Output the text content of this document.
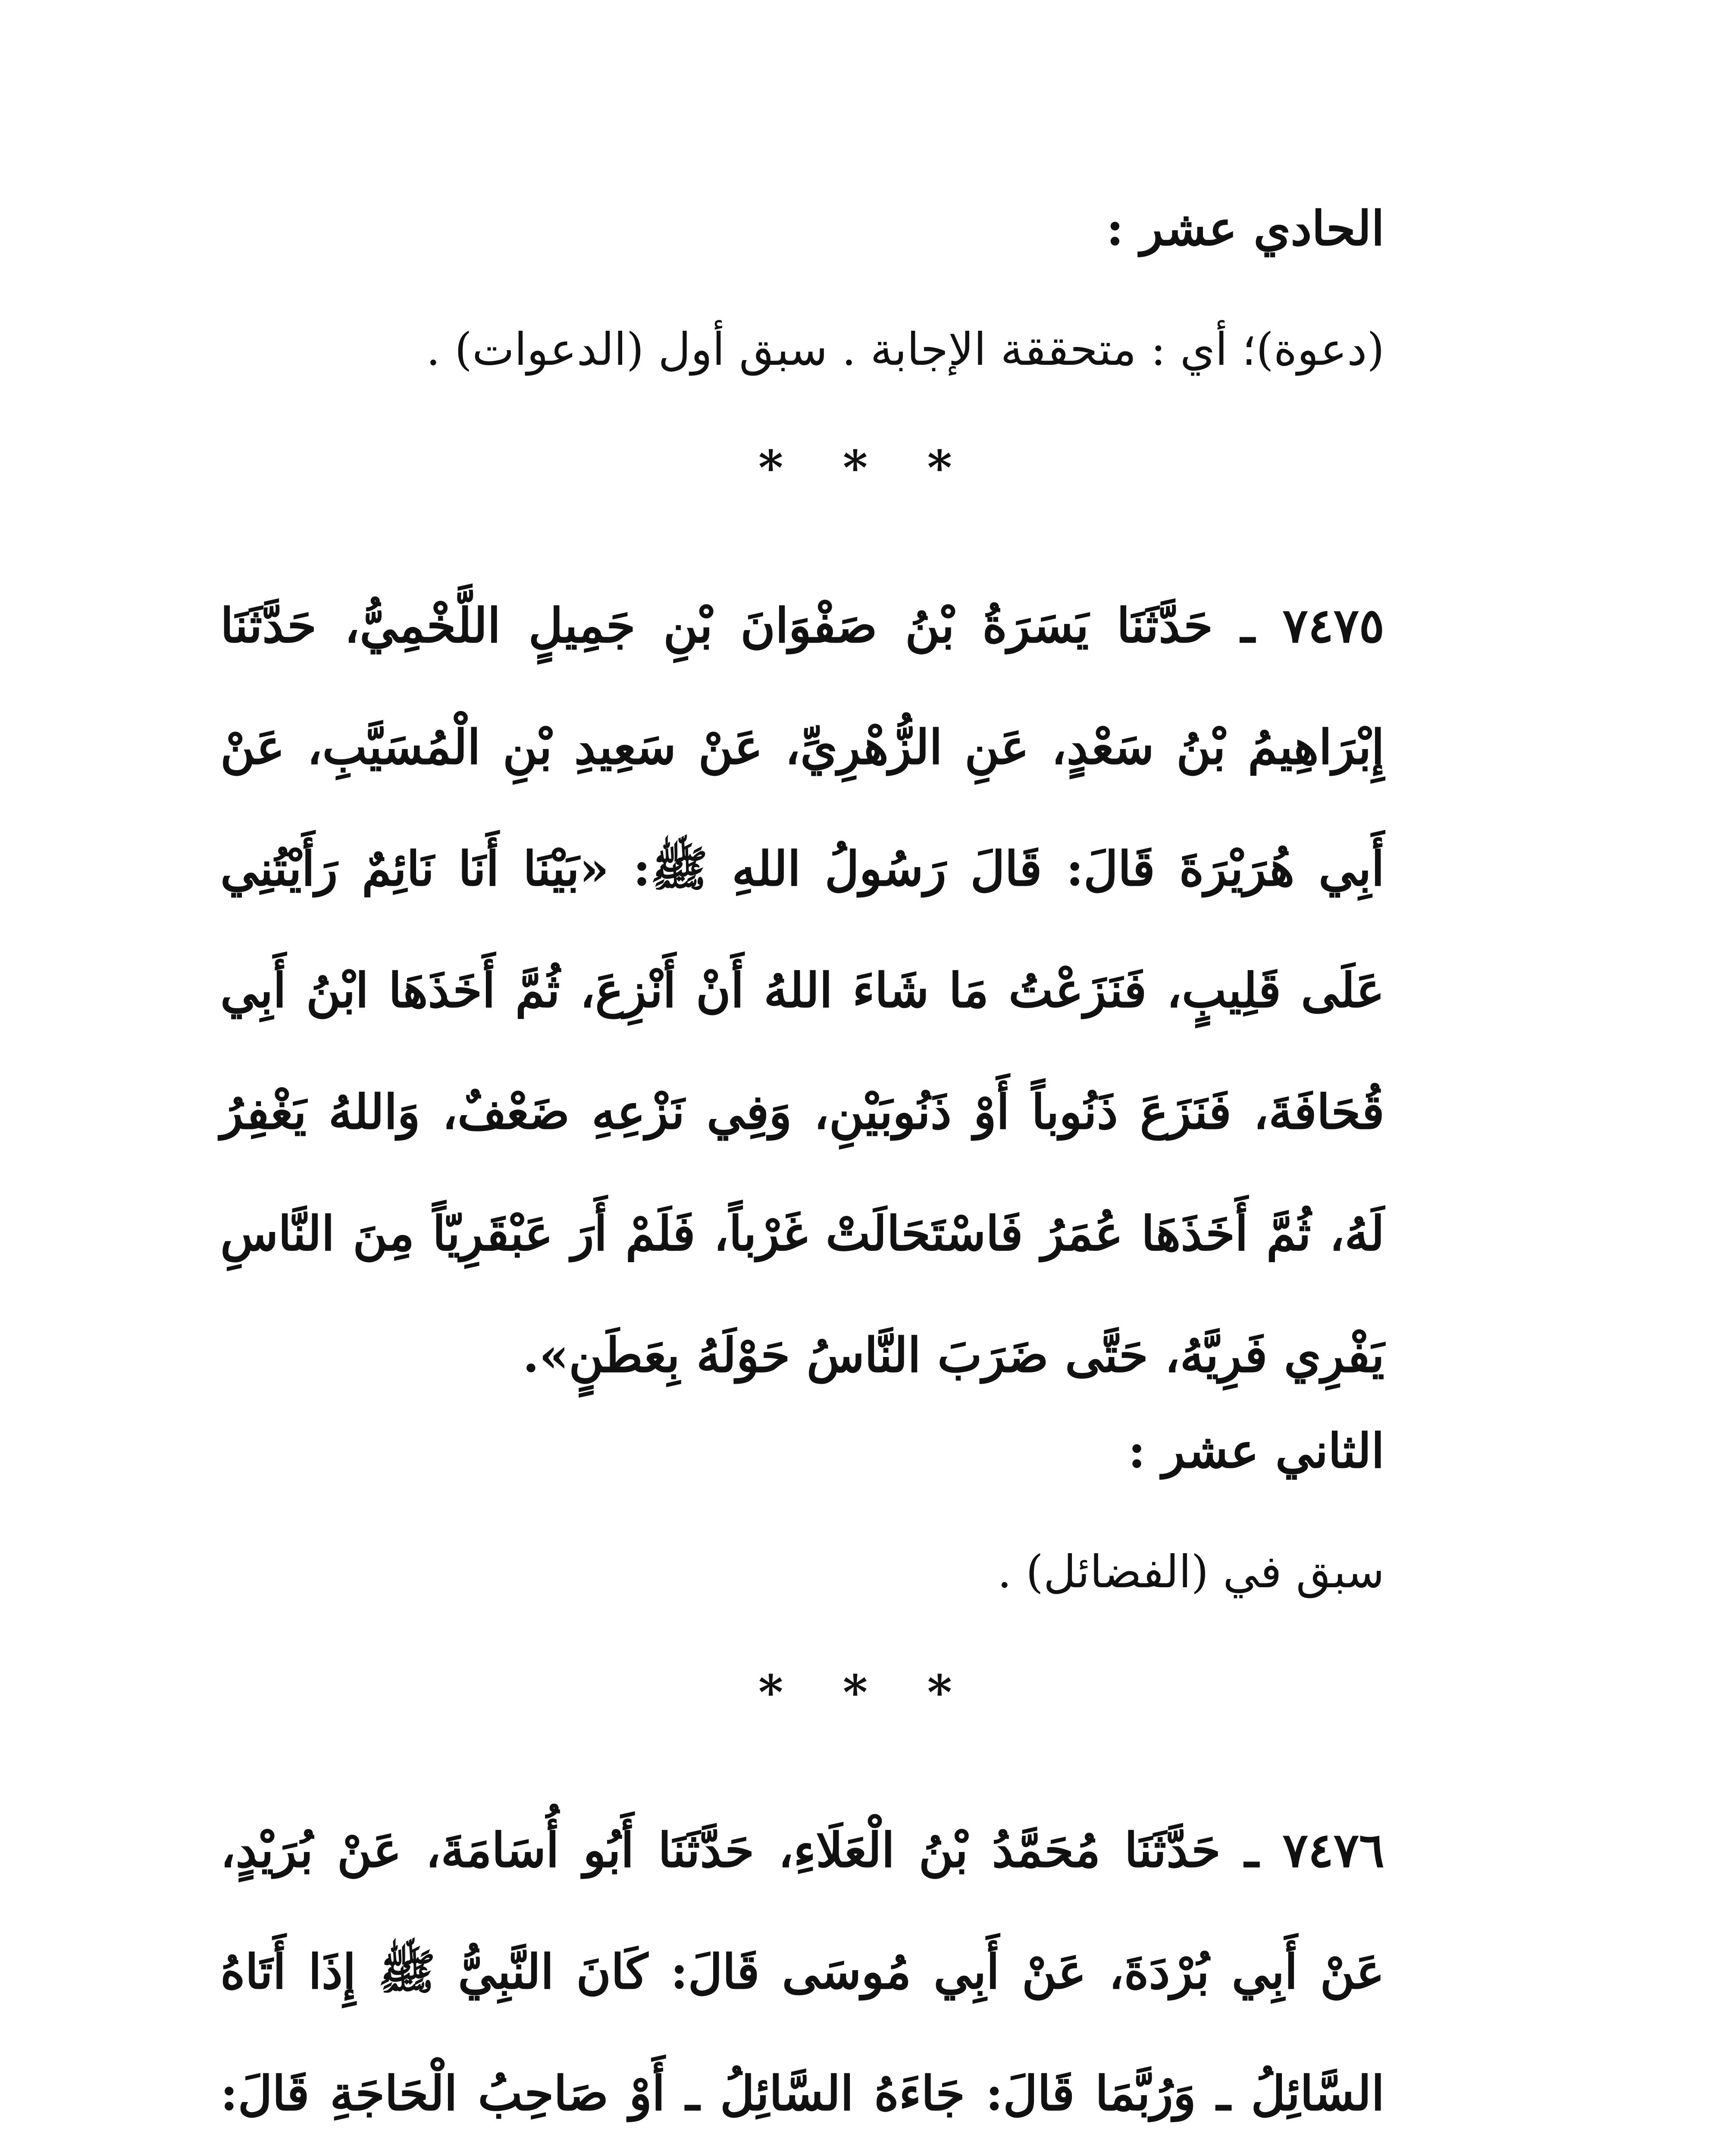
الحادي عشر :
(دعوة)؛ أي : متحققة الإجابة . سبق أول (الدعوات) .
* * *
٧٤٧٥ ـ حَدَّثَنَا يَسَرَةُ بْنُ صَفْوَانَ بْنِ جَمِيلٍ اللَّخْمِيُّ، حَدَّثَنَا إِبْرَاهِيمُ بْنُ سَعْدٍ، عَنِ الزُّهْرِيِّ، عَنْ سَعِيدِ بْنِ الْمُسَيَّبِ، عَنْ أَبِي هُرَيْرَةَ قَالَ: قَالَ رَسُولُ اللهِ ﷺ: «بَيْنَا أَنَا نَائِمٌ رَأَيْتُنِي عَلَى قَلِيبٍ، فَنَزَعْتُ مَا شَاءَ اللهُ أَنْ أَنْزِعَ، ثُمَّ أَخَذَهَا ابْنُ أَبِي قُحَافَةَ، فَنَزَعَ ذَنُوباً أَوْ ذَنُوبَيْنِ، وَفِي نَزْعِهِ ضَعْفٌ، وَاللهُ يَغْفِرُ لَهُ، ثُمَّ أَخَذَهَا عُمَرُ فَاسْتَحَالَتْ غَرْباً، فَلَمْ أَرَ عَبْقَرِيّاً مِنَ النَّاسِ يَفْرِي فَرِيَّهُ، حَتَّى ضَرَبَ النَّاسُ حَوْلَهُ بِعَطَنٍ».
الثاني عشر :
سبق في (الفضائل) .
* * *
٧٤٧٦ ـ حَدَّثَنَا مُحَمَّدُ بْنُ الْعَلَاءِ، حَدَّثَنَا أَبُو أُسَامَةَ، عَنْ بُرَيْدٍ، عَنْ أَبِي بُرْدَةَ، عَنْ أَبِي مُوسَى قَالَ: كَانَ النَّبِيُّ ﷺ إِذَا أَتَاهُ السَّائِلُ ـ وَرُبَّمَا قَالَ: جَاءَهُ السَّائِلُ ـ أَوْ صَاحِبُ الْحَاجَةِ قَالَ:
